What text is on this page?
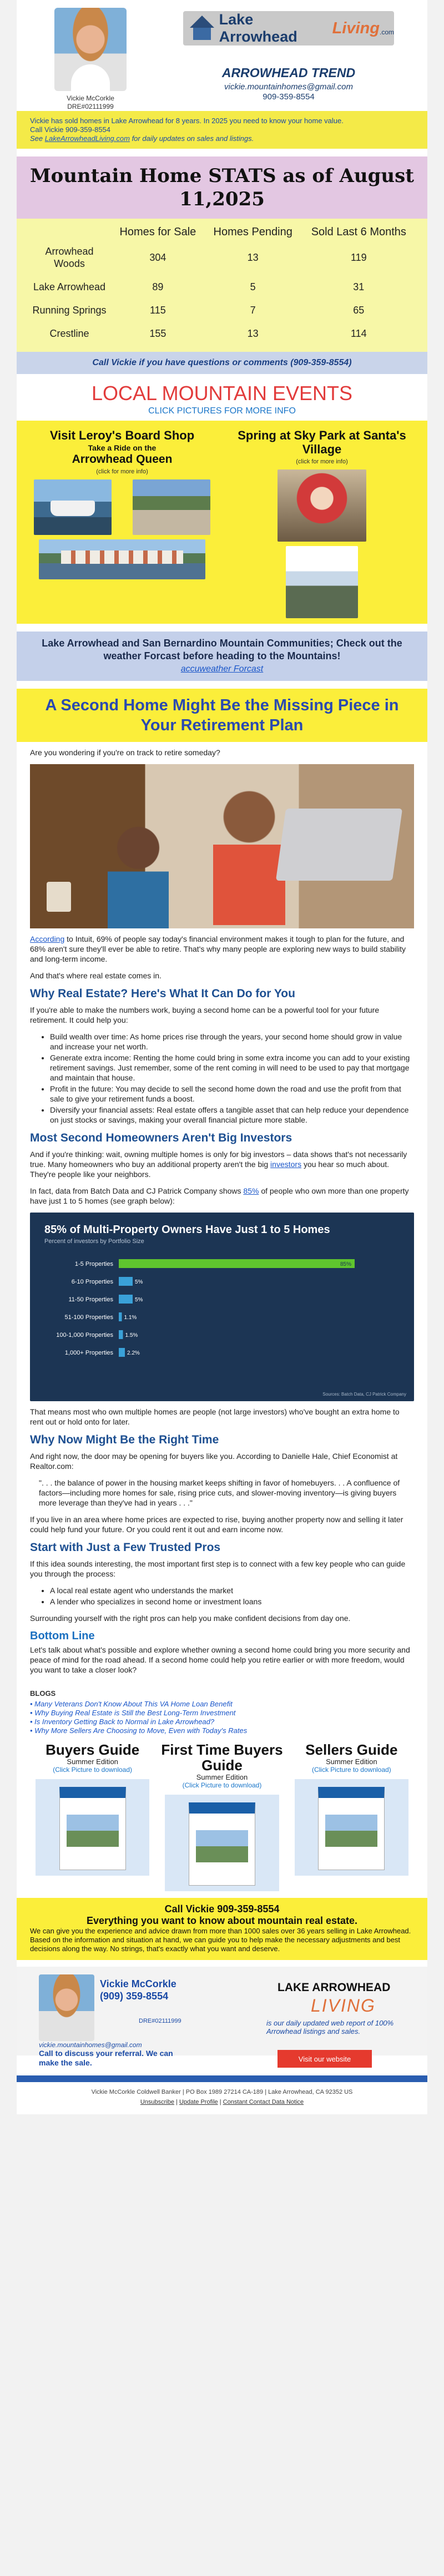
Vickie McCorkle
DRE#02111999
Lake Arrowhead	Living .com
ARROWHEAD TREND
vickie.mountainhomes@gmail.com
909-359-8554
Vickie has sold homes in Lake Arrowhead for 8 years. In 2025 you need to know your home value.
Call Vickie 909-359-8554
See LakeArrowheadLiving.com for daily updates on sales and listings.
Mountain Home STATS as of August 11,2025
	Homes for Sale	Homes Pending	Sold Last 6 Months
Arrowhead Woods	304	13	119
Lake Arrowhead	89	5	31
Running Springs	115	7	65
Crestline	155	13	114
Call Vickie if you have questions or comments (909-359-8554)
LOCAL MOUNTAIN EVENTS
CLICK PICTURES FOR MORE INFO
Visit Leroy's Board Shop
Take a Ride on the
Arrowhead Queen
(click for more info)
Spring at Sky Park at Santa's Village
(click for more info)
Lake Arrowhead and San Bernardino Mountain Communities; Check out the weather Forcast before heading to the Mountains!
accuweather Forcast
A Second Home Might Be the Missing Piece in Your Retirement Plan

Are you wondering if you're on track to retire someday?

According to Intuit, 69% of people say today's financial environment makes it tough to plan for the future, and 68% aren't sure they'll ever be able to retire. That's why many people are exploring new ways to build stability and long-term income.

And that's where real estate comes in.

Why Real Estate? Here's What It Can Do for You

If you're able to make the numbers work, buying a second home can be a powerful tool for your future retirement. It could help you:

• Build wealth over time: As home prices rise through the years, your second home should grow in value and increase your net worth.
• Generate extra income: Renting the home could bring in some extra income you can add to your existing retirement savings. Just remember, some of the rent coming in will need to be used to pay that mortgage and maintain that house.
• Profit in the future: You may decide to sell the second home down the road and use the profit from that sale to give your retirement funds a boost.
• Diversify your financial assets: Real estate offers a tangible asset that can help reduce your dependence on just stocks or savings, making your overall financial picture more stable.
Most Second Homeowners Aren't Big Investors

And if you're thinking: wait, owning multiple homes is only for big investors – data shows that's not necessarily true. Many homeowners who buy an additional property aren't the big investors you hear so much about. They're people like your neighbors.

In fact, data from Batch Data and CJ Patrick Company shows 85% of people who own more than one property have just 1 to 5 homes (see graph below):

85% of Multi-Property Owners Have Just 1 to 5 Homes
Percent of investors by Portfolio Size
1-5 Properties	85%
6-10 Properties	5%
11-50 Properties	5%
51-100 Properties 1.1%
100-1,000 Properties 1.5%
1,000+ Properties	2.2%
Sources: Batch Data, CJ Patrick Company

That means most who own multiple homes are people (not large investors) who've bought an extra home to rent out or hold onto for later.

Why Now Might Be the Right Time

And right now, the door may be opening for buyers like you. According to Danielle Hale, Chief Economist at Realtor.com:

". . . the balance of power in the housing market keeps shifting in favor of homebuyers. . . A confluence of factors—including more homes for sale, rising price cuts, and slower-moving inventory—is giving buyers more leverage than they've had in years . . ."

If you live in an area where home prices are expected to rise, buying another property now and selling it later could help fund your future. Or you could rent it out and earn income now.

Start with Just a Few Trusted Pros

If this idea sounds interesting, the most important first step is to connect with a few key people who can guide you through the process:

• A local real estate agent who understands the market
• A lender who specializes in second home or investment loans

Surrounding yourself with the right pros can help you make confident decisions from day one.

Bottom Line

Let's talk about what's possible and explore whether owning a second home could bring you more security and peace of mind for the road ahead. If a second home could help you retire earlier or with more freedom, would you want to take a closer look?

BLOGS
• Many Veterans Don't Know About This VA Home Loan Benefit
• Why Buying Real Estate is Still the Best Long-Term Investment
• Is Inventory Getting Back to Normal in Lake Arrowhead?
• Why More Sellers Are Choosing to Move, Even with Today's Rates
Buyers Guide
Summer Edition
(Click Picture to download)
First Time Buyers Guide
Summer Edition
(Click Picture to download)
Sellers Guide
Summer Edition
(Click Picture to download)
Call Vickie 909-359-8554
Everything you want to know about mountain real estate.

We can give you the experience and advice drawn from more than 1000 sales over 36 years selling in Lake Arrowhead. Based on the information and situation at hand, we can guide you to help make the necessary adjustments and best decisions along the way. No strings, that's exactly what you want and deserve.

Vickie McCorkle
(909) 359-8554
DRE#02111999
vickie.mountainhomes@gmail.com
Call to discuss your referral. We can make the sale.
LAKE ARROWHEAD
LIVING
is our daily updated web report of 100% Arrowhead listings and sales.
Visit our website
Vickie McCorkle Coldwell Banker | PO Box 1989 27214 CA-189 | Lake Arrowhead, CA 92352 US
Unsubscribe | Update Profile | Constant Contact Data Notice
